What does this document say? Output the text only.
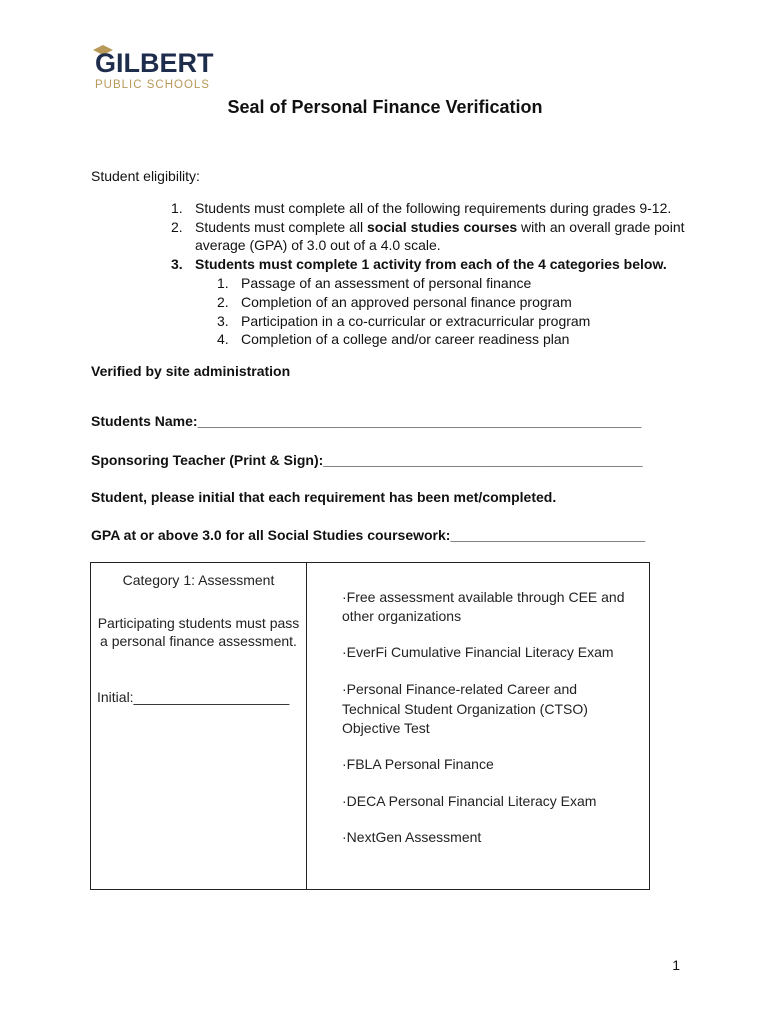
GILBERT
PUBLIC SCHOOLS
Seal of Personal Finance Verification
Student eligibility:
1. Students must complete all of the following requirements during grades 9-12.
2. Students must complete all social studies courses with an overall grade point
average (GPA) of 3.0 out of a 4.0 scale.
3. Students must complete 1 activity from each of the 4 categories below.
1. Passage of an assessment of personal finance
2. Completion of an approved personal finance program
3. Participation in a co-curricular or extracurricular program
4. Completion of a college and/or career readiness plan
Verified by site administration
Students Name:_________________________________________________________
Sponsoring Teacher (Print & Sign):_________________________________________
Student, please initial that each requirement has been met/completed.
GPA at or above 3.0 for all Social Studies coursework:_________________________
Category 1: Assessment
Participating students must pass
a personal finance assessment.
Initial:____________________
·Free assessment available through CEE and
other organizations
·EverFi Cumulative Financial Literacy Exam
·Personal Finance-related Career and
Technical Student Organization (CTSO)
Objective Test
·FBLA Personal Finance
·DECA Personal Financial Literacy Exam
·NextGen Assessment
1
